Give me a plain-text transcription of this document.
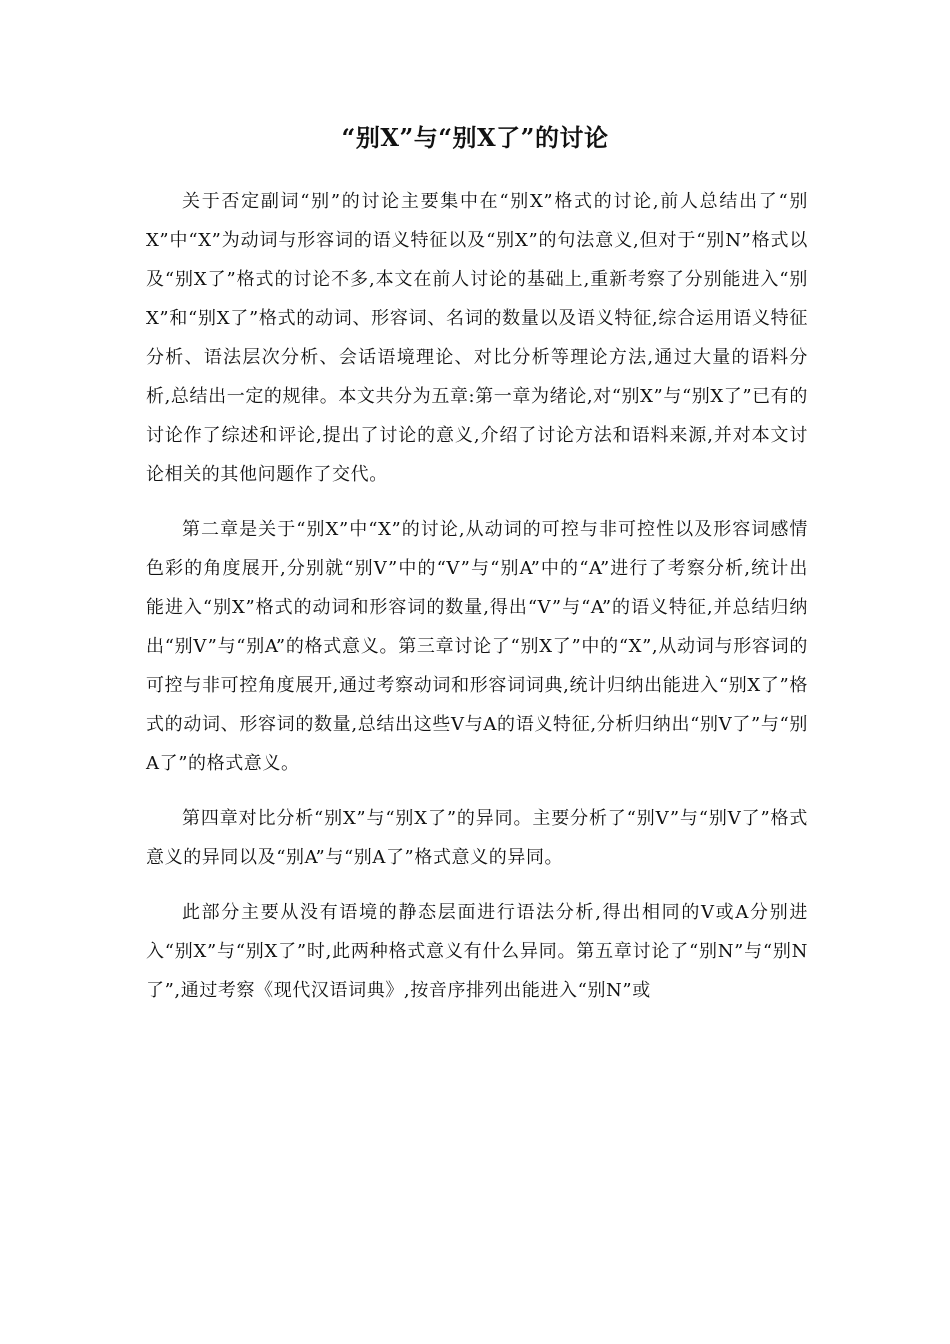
“别X”与“别X了”的讨论

关于否定副词“别”的讨论主要集中在“别X”格式的讨论,前人总结出了“别X”中“X”为动词与形容词的语义特征以及“别X”的句法意义,但对于“别N”格式以及“别X了”格式的讨论不多,本文在前人讨论的基础上,重新考察了分别能进入“别X”和“别X了”格式的动词、形容词、名词的数量以及语义特征,综合运用语义特征分析、语法层次分析、会话语境理论、对比分析等理论方法,通过大量的语料分析,总结出一定的规律。本文共分为五章:第一章为绪论,对“别X”与“别X了”已有的讨论作了综述和评论,提出了讨论的意义,介绍了讨论方法和语料来源,并对本文讨论相关的其他问题作了交代。

第二章是关于“别X”中“X”的讨论,从动词的可控与非可控性以及形容词感情色彩的角度展开,分别就“别V”中的“V”与“别A”中的“A”进行了考察分析,统计出能进入“别X”格式的动词和形容词的数量,得出“V”与“A”的语义特征,并总结归纳出“别V”与“别A”的格式意义。第三章讨论了“别X了”中的“X”,从动词与形容词的可控与非可控角度展开,通过考察动词和形容词词典,统计归纳出能进入“别X了”格式的动词、形容词的数量,总结出这些V与A的语义特征,分析归纳出“别V了”与“别A了”的格式意义。

第四章对比分析“别X”与“别X了”的异同。主要分析了“别V”与“别V了”格式意义的异同以及“别A”与“别A了”格式意义的异同。

此部分主要从没有语境的静态层面进行语法分析,得出相同的V或A分别进入“别X”与“别X了”时,此两种格式意义有什么异同。第五章讨论了“别N”与“别N了”,通过考察《现代汉语词典》,按音序排列出能进入“别N”或
